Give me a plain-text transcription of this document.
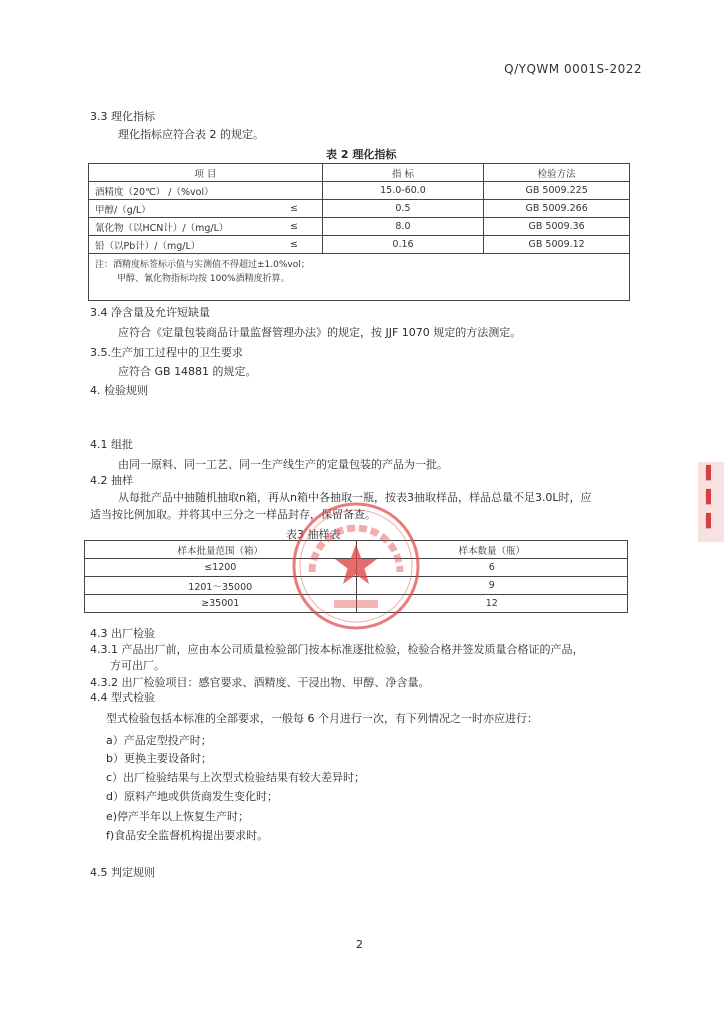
Q/YQWM 0001S-2022
3.3 理化指标
理化指标应符合表 2 的规定。
表 2 理化指标
项 目		指 标	检验方法
酒精度（20℃） /（%vol）		15.0-60.0	GB 5009.225
甲醇/（g/L）	≤	0.5	GB 5009.266
氰化物（以HCN计）/（mg/L）	≤	8.0	GB 5009.36
铅（以Pb计）/（mg/L）	≤	0.16	GB 5009.12

注：酒精度标签标示值与实测值不得超过±1.0%vol；
甲醇、氰化物指标均按 100%酒精度折算。			
3.4 净含量及允许短缺量
应符合《定量包装商品计量监督管理办法》的规定，按 JJF 1070 规定的方法测定。
3.5.生产加工过程中的卫生要求
应符合 GB 14881 的规定。
4. 检验规则
4.1 组批
由同一原料、同一工艺、同一生产线生产的定量包装的产品为一批。
4.2 抽样
从每批产品中抽随机抽取n箱，再从n箱中各抽取一瓶，按表3抽取样品，样品总量不足3.0L时，应
适当按比例加取。并将其中三分之一样品封存，保留备查。
表3 抽样表
样本批量范围（箱）	样本数量（瓶）
≤1200	6
1201～35000	9
≥35001	12
4.3 出厂检验
4.3.1 产品出厂前，应由本公司质量检验部门按本标准逐批检验，检验合格并签发质量合格证的产品，
方可出厂。
4.3.2 出厂检验项目：感官要求、酒精度、干浸出物、甲醇、净含量。
4.4 型式检验
型式检验包括本标准的全部要求，一般每 6 个月进行一次，有下列情况之一时亦应进行：
a）产品定型投产时；
b）更换主要设备时；
c）出厂检验结果与上次型式检验结果有较大差异时；
d）原料产地或供货商发生变化时；
e)停产半年以上恢复生产时；
f)食品安全监督机构提出要求时。
4.5 判定规则
2
▌
▌
▌
